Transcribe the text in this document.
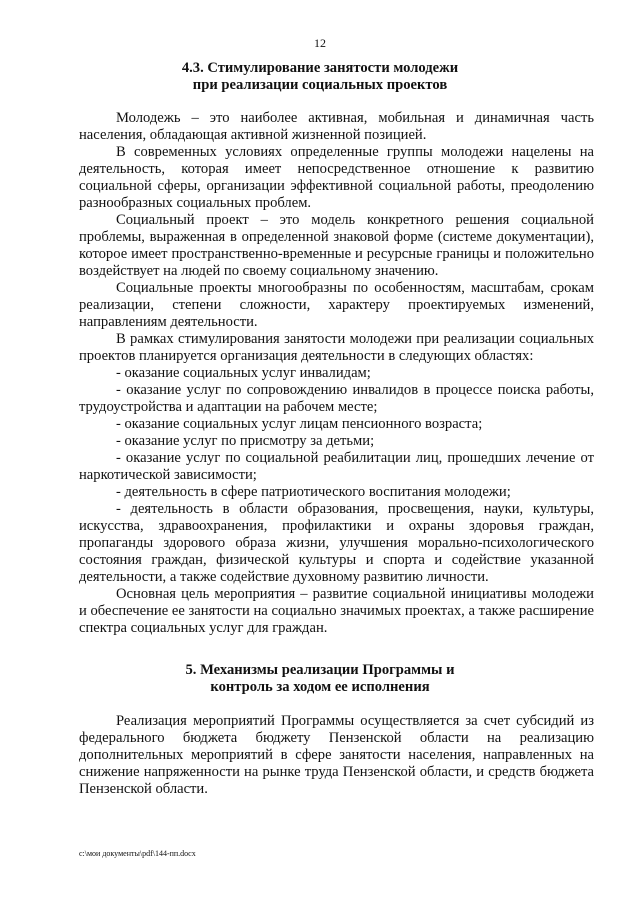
12
4.3. Стимулирование занятости молодежи
при реализации социальных проектов

Молодежь – это наиболее активная, мобильная и динамичная часть населения, обладающая активной жизненной позицией.

В современных условиях определенные группы молодежи нацелены на деятельность, которая имеет непосредственное отношение к развитию социальной сферы, организации эффективной социальной работы, преодолению разнообразных социальных проблем.

Социальный проект – это модель конкретного решения социальной проблемы, выраженная в определенной знаковой форме (системе документации), которое имеет пространственно-временные и ресурсные границы и положительно воздействует на людей по своему социальному значению.

Социальные проекты многообразны по особенностям, масштабам, срокам реализации, степени сложности, характеру проектируемых изменений, направлениям деятельности.

В рамках стимулирования занятости молодежи при реализации социальных проектов планируется организация деятельности в следующих областях:

- оказание социальных услуг инвалидам;

- оказание услуг по сопровождению инвалидов в процессе поиска работы, трудоустройства и адаптации на рабочем месте;

- оказание социальных услуг лицам пенсионного возраста;

- оказание услуг по присмотру за детьми;

- оказание услуг по социальной реабилитации лиц, прошедших лечение от наркотической зависимости;

- деятельность в сфере патриотического воспитания молодежи;

- деятельность в области образования, просвещения, науки, культуры, искусства, здравоохранения, профилактики и охраны здоровья граждан, пропаганды здорового образа жизни, улучшения морально-психологического состояния граждан, физической культуры и спорта и содействие указанной деятельности, а также содействие духовному развитию личности.

Основная цель мероприятия – развитие социальной инициативы молодежи и обеспечение ее занятости на социально значимых проектах, а также расширение спектра социальных услуг для граждан.

5. Механизмы реализации Программы и
контроль за ходом ее исполнения

Реализация мероприятий Программы осуществляется за счет субсидий из федерального бюджета бюджету Пензенской области на реализацию дополнительных мероприятий в сфере занятости населения, направленных на снижение напряженности на рынке труда Пензенской области, и средств бюджета Пензенской области.

c:\мои документы\pdf\144-пп.docx
